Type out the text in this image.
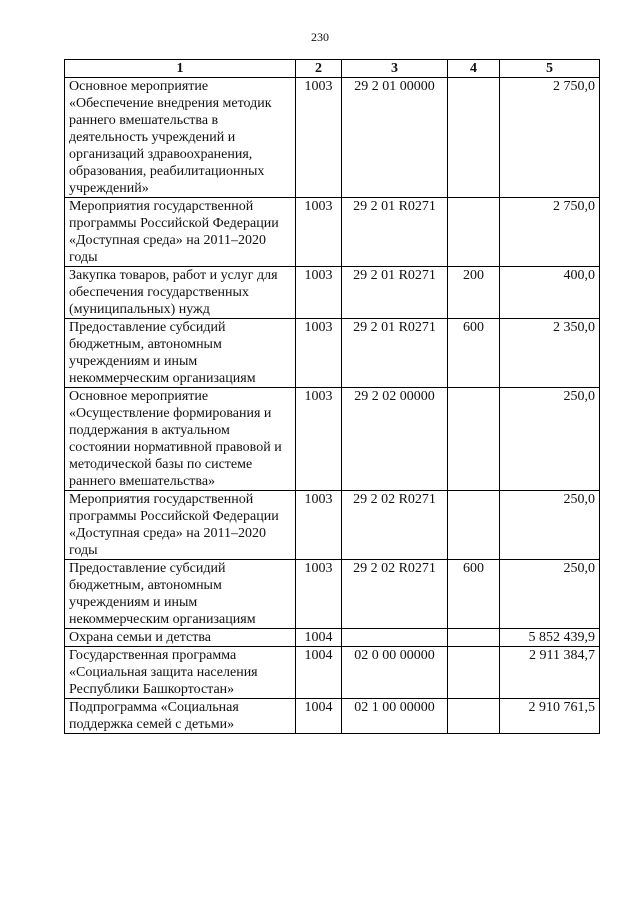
230
1	2	3	4	5
Основное мероприятие «Обеспечение внедрения методик раннего вмешательства в деятельность учреждений и организаций здравоохранения, образования, реабилитационных учреждений»	1003	29 2 01 00000		2 750,0
Мероприятия государственной программы Российской Федерации «Доступная среда» на 2011–2020 годы	1003	29 2 01 R0271		2 750,0
Закупка товаров, работ и услуг для обеспечения государственных (муниципальных) нужд	1003	29 2 01 R0271	200	400,0
Предоставление субсидий бюджетным, автономным учреждениям и иным некоммерческим организациям	1003	29 2 01 R0271	600	2 350,0
Основное мероприятие «Осуществление формирования и поддержания в актуальном состоянии нормативной правовой и методической базы по системе раннего вмешательства»	1003	29 2 02 00000		250,0
Мероприятия государственной программы Российской Федерации «Доступная среда» на 2011–2020 годы	1003	29 2 02 R0271		250,0
Предоставление субсидий бюджетным, автономным учреждениям и иным некоммерческим организациям	1003	29 2 02 R0271	600	250,0
Охрана семьи и детства	1004			5 852 439,9
Государственная программа «Социальная защита населения Республики Башкортостан»	1004	02 0 00 00000		2 911 384,7
Подпрограмма «Социальная поддержка семей с детьми»	1004	02 1 00 00000		2 910 761,5
